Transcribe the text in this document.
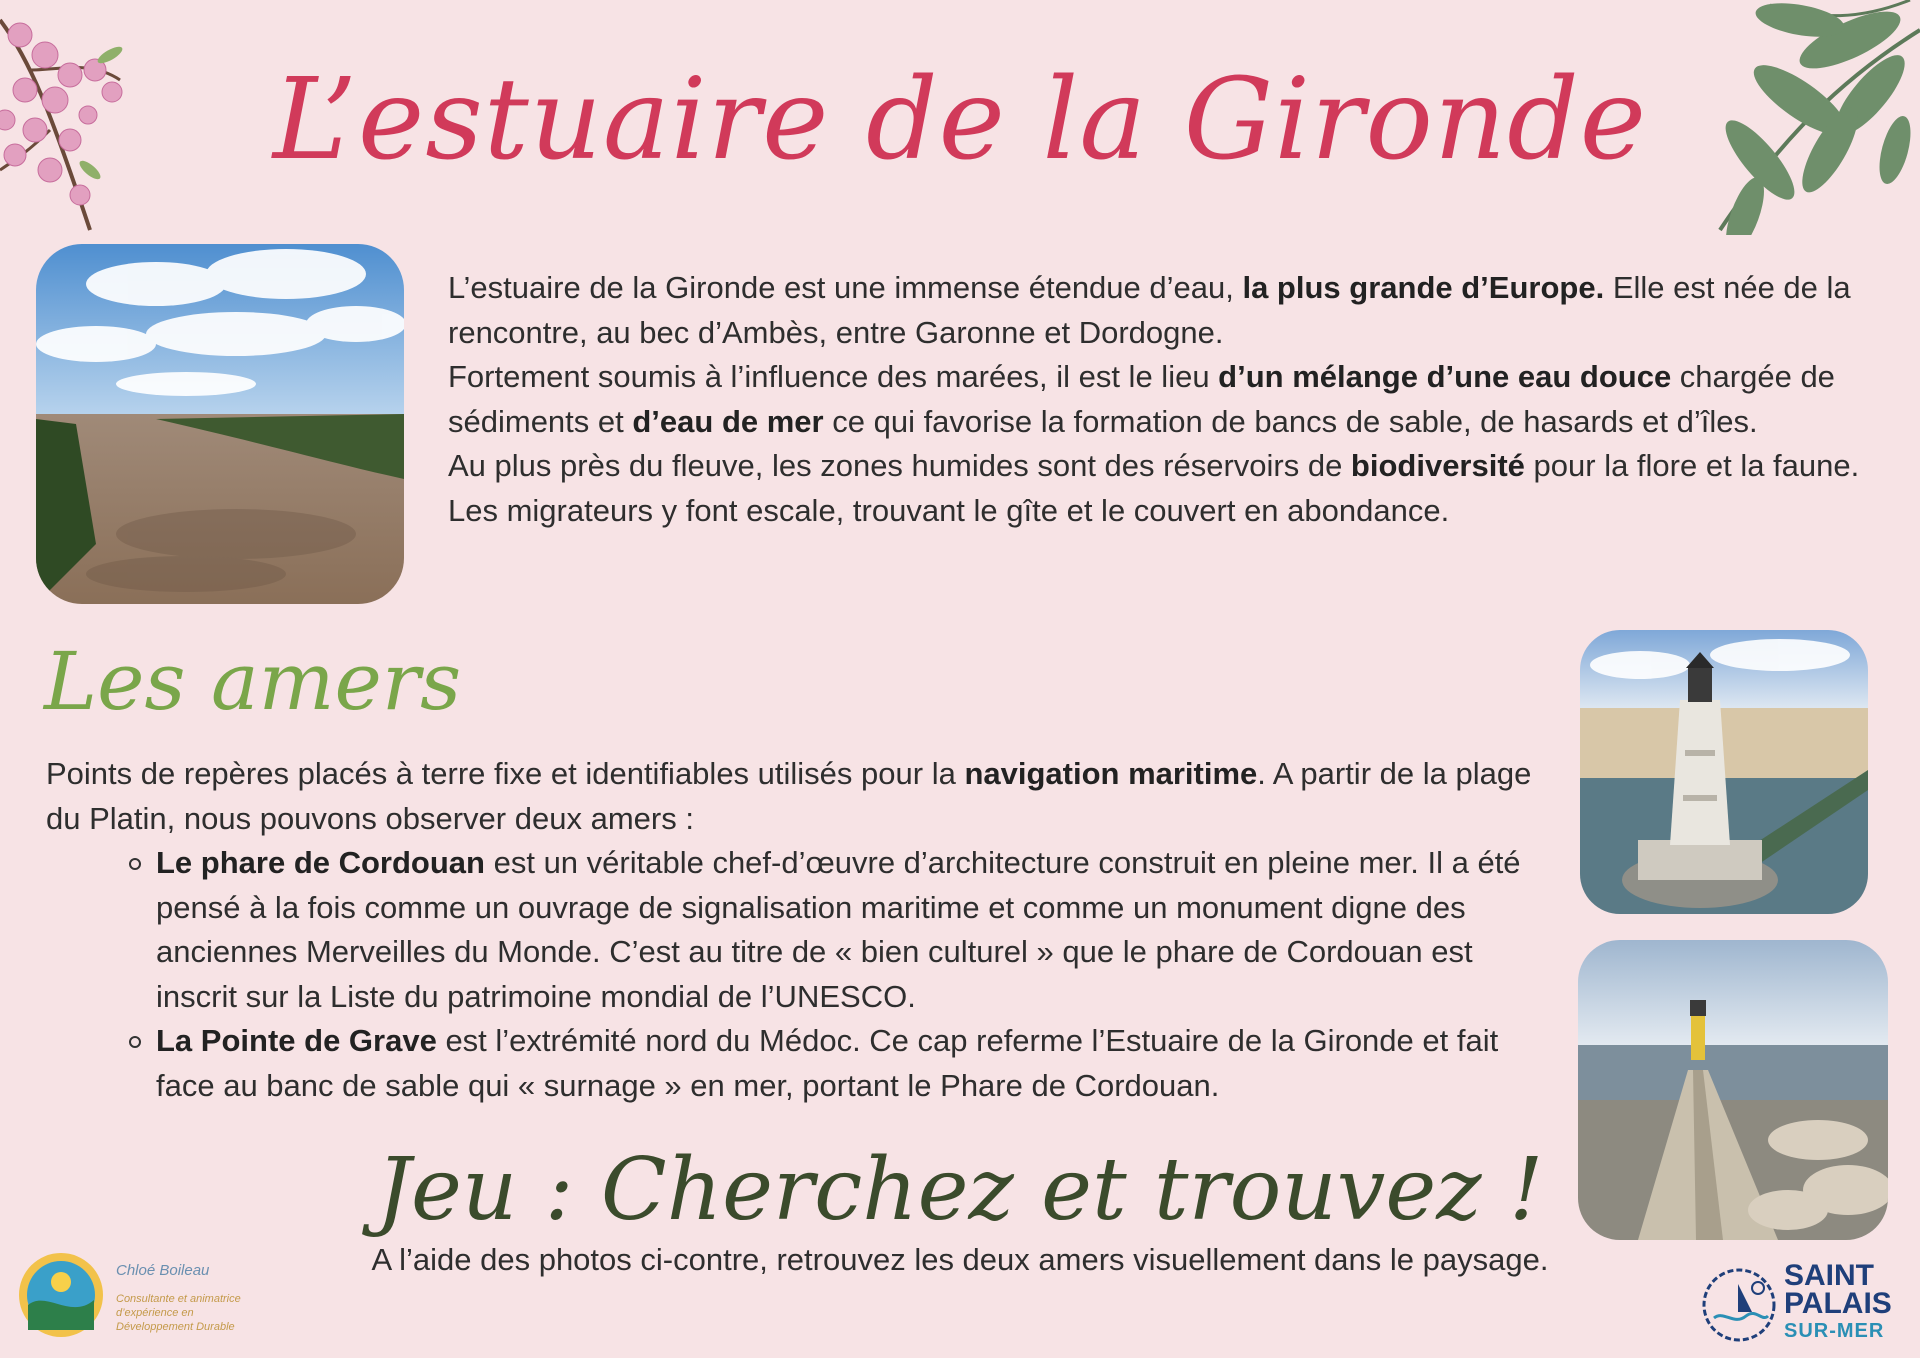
L’estuaire de la Gironde

L’estuaire de la Gironde est une immense étendue d’eau, la plus grande d’Europe. Elle est née de la rencontre, au bec d’Ambès, entre Garonne et Dordogne.

Fortement soumis à l’influence des marées, il est le lieu d’un mélange d’une eau douce chargée de sédiments et d’eau de mer ce qui favorise la formation de bancs de sable, de hasards et d’îles.

Au plus près du fleuve, les zones humides sont des réservoirs de biodiversité pour la flore et la faune. Les migrateurs y font escale, trouvant le gîte et le couvert en abondance.

Les amers

Points de repères placés à terre fixe et identifiables utilisés pour la navigation maritime. A partir de la plage du Platin, nous pouvons observer deux amers :

Le phare de Cordouan est un véritable chef-d’œuvre d’architecture construit en pleine mer. Il a été pensé à la fois comme un ouvrage de signalisation maritime et comme un monument digne des anciennes Merveilles du Monde. C’est au titre de « bien culturel » que le phare de Cordouan est inscrit sur la Liste du patrimoine mondial de l’UNESCO.

La Pointe de Grave est l’extrémité nord du Médoc. Ce cap referme l’Estuaire de la Gironde et fait face au banc de sable qui « surnage » en mer, portant le Phare de Cordouan.

Jeu : Cherchez et trouvez !
A l’aide des photos ci-contre, retrouvez les deux amers visuellement dans le paysage.
Chloé Boileau
Consultante et animatrice
d’expérience en
Développement Durable
SAINT
PALAIS
SUR-MER
